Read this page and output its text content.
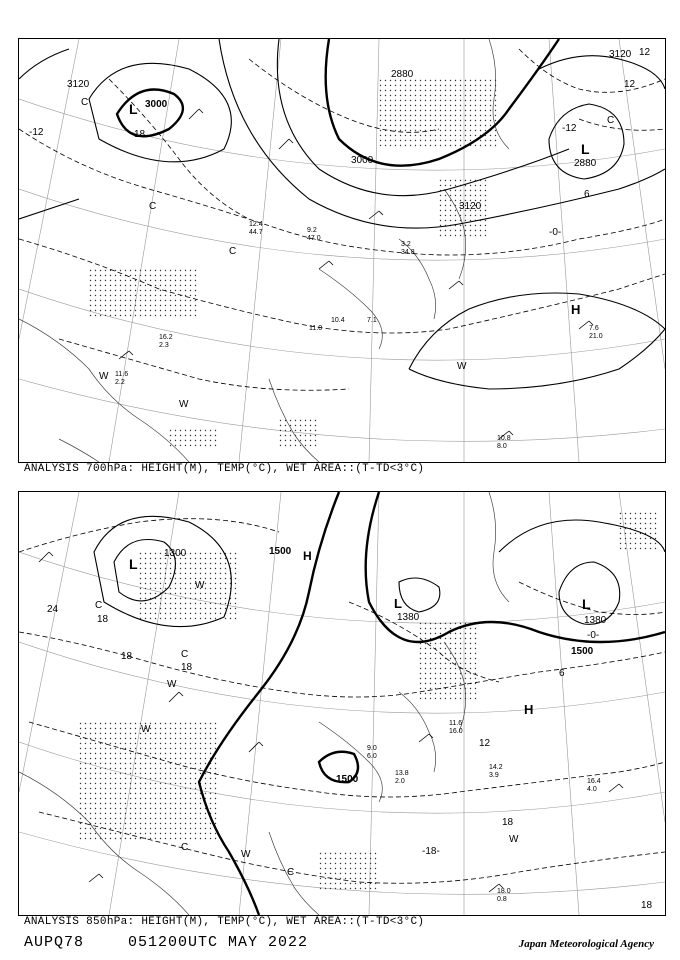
3120
3000
3000
2880
2880
3120
3120
-12	-12
12
18
6
-0-
12
L
L
H
C
C
C
C
W
W
W
12.4
44.7	9.2
47.0
7.6
21.0
10.8
8.0
3.2
34.8
11.6
2.2
7.1
10.4
11.0
16.2
2.3
ANALYSIS 700hPa: HEIGHT(M), TEMP(°C), WET AREA::(T-TD<3°C)
1500
1500
1380
1380
1300
1500
24
18
18
18
18
12
6
-0-
-18-
18
L
L	L
H
H
C
C
C
C
W
W
W
W
W
16.4
4.0
18.0
0.8
14.2
3.9
9.0
6.0
13.8
2.0
11.6
16.0
ANALYSIS 850hPa: HEIGHT(M), TEMP(°C), WET AREA::(T-TD<3°C)
AUPQ78	051200UTC MAY 2022	Japan Meteorological Agency
